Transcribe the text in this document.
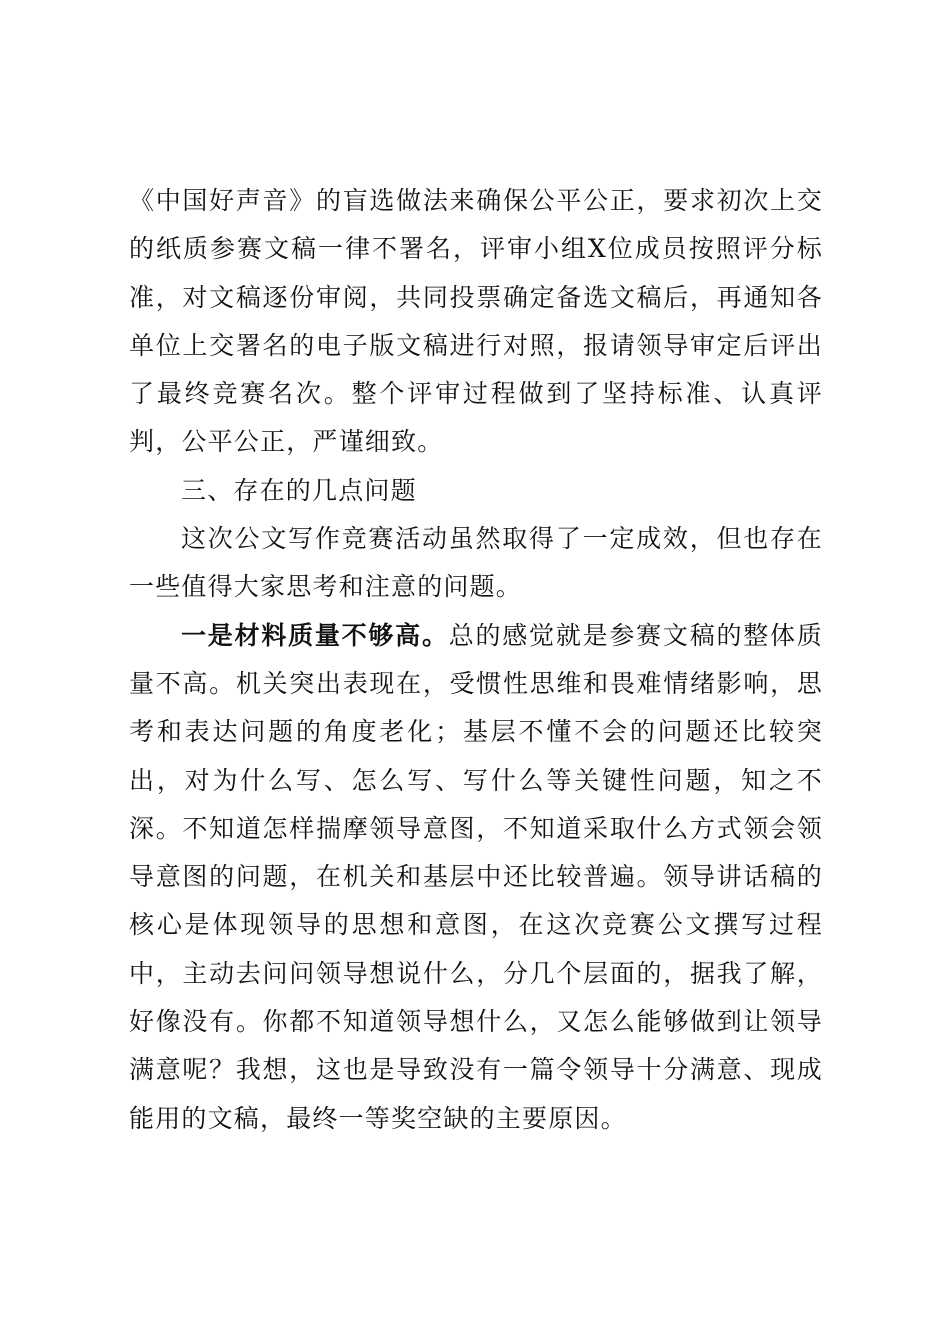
《中国好声音》的盲选做法来确保公平公正，要求初次上交的纸质参赛文稿一律不署名，评审小组X位成员按照评分标准，对文稿逐份审阅，共同投票确定备选文稿后，再通知各单位上交署名的电子版文稿进行对照，报请领导审定后评出了最终竞赛名次。整个评审过程做到了坚持标准、认真评判，公平公正，严谨细致。

三、存在的几点问题

这次公文写作竞赛活动虽然取得了一定成效，但也存在一些值得大家思考和注意的问题。

一是材料质量不够高。总的感觉就是参赛文稿的整体质量不高。机关突出表现在，受惯性思维和畏难情绪影响，思考和表达问题的角度老化；基层不懂不会的问题还比较突出，对为什么写、怎么写、写什么等关键性问题，知之不深。不知道怎样揣摩领导意图，不知道采取什么方式领会领导意图的问题，在机关和基层中还比较普遍。领导讲话稿的核心是体现领导的思想和意图，在这次竞赛公文撰写过程中，主动去问问领导想说什么，分几个层面的，据我了解，好像没有。你都不知道领导想什么，又怎么能够做到让领导满意呢？我想，这也是导致没有一篇令领导十分满意、现成能用的文稿，最终一等奖空缺的主要原因。
